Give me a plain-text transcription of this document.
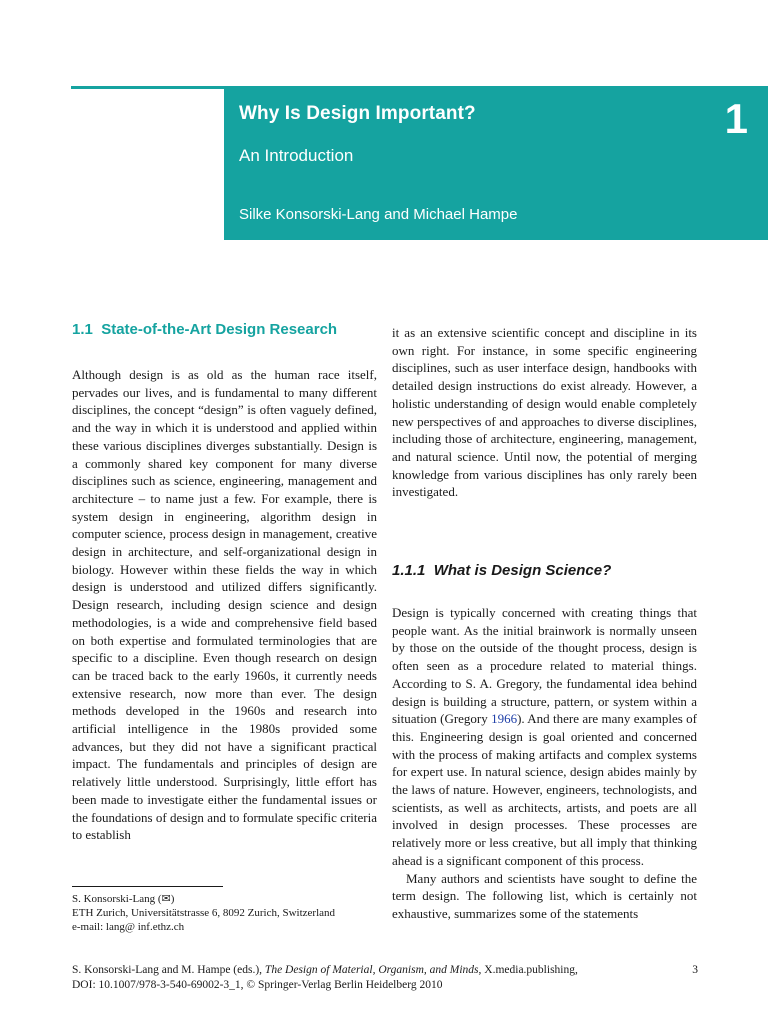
Why Is Design Important?
An Introduction
Silke Konsorski-Lang and Michael Hampe
1
1.1 State-of-the-Art Design Research

Although design is as old as the human race itself, pervades our lives, and is fundamental to many different disciplines, the concept “design” is often vaguely defined, and the way in which it is understood and applied within these various disciplines diverges substantially. Design is a commonly shared key component for many diverse disciplines such as science, engineering, management and architecture – to name just a few. For example, there is system design in engineering, algorithm design in computer science, process design in management, creative design in architecture, and self-organizational design in biology. However within these fields the way in which design is understood and utilized differs significantly. Design research, including design science and design methodologies, is a wide and comprehensive field based on both expertise and formulated terminologies that are specific to a discipline. Even though research on design can be traced back to the early 1960s, it currently needs extensive research, now more than ever. The design methods developed in the 1960s and research into artificial intelligence in the 1980s provided some advances, but they did not have a significant practical impact. The fundamentals and principles of design are relatively little understood. Surprisingly, little effort has been made to investigate either the fundamental issues or the foundations of design and to formulate specific criteria to establish

it as an extensive scientific concept and discipline in its own right. For instance, in some specific engineering disciplines, such as user interface design, handbooks with detailed design instructions do exist already. However, a holistic understanding of design would enable completely new perspectives of and approaches to diverse disciplines, including those of architecture, engineering, management, and natural science. Until now, the potential of merging knowledge from various disciplines has only rarely been investigated.

1.1.1 What is Design Science?

Design is typically concerned with creating things that people want. As the initial brainwork is normally unseen by those on the outside of the thought process, design is often seen as a procedure related to material things. According to S. A. Gregory, the fundamental idea behind design is building a structure, pattern, or system within a situation (Gregory 1966). And there are many examples of this. Engineering design is goal oriented and concerned with the process of making artifacts and complex systems for expert use. In natural science, design abides mainly by the laws of nature. However, engineers, technologists, and scientists, as well as architects, artists, and poets are all involved in design processes. These processes are relatively more or less creative, but all imply that thinking ahead is a significant component of this process.

Many authors and scientists have sought to define the term design. The following list, which is certainly not exhaustive, summarizes some of the statements

S. Konsorski-Lang (✉)
ETH Zurich, Universitätstrasse 6, 8092 Zurich, Switzerland
e-mail: lang@ inf.ethz.ch
S. Konsorski-Lang and M. Hampe (eds.), The Design of Material, Organism, and Minds, X.media.publishing,
DOI: 10.1007/978-3-540-69002-3_1, © Springer-Verlag Berlin Heidelberg 2010
3
